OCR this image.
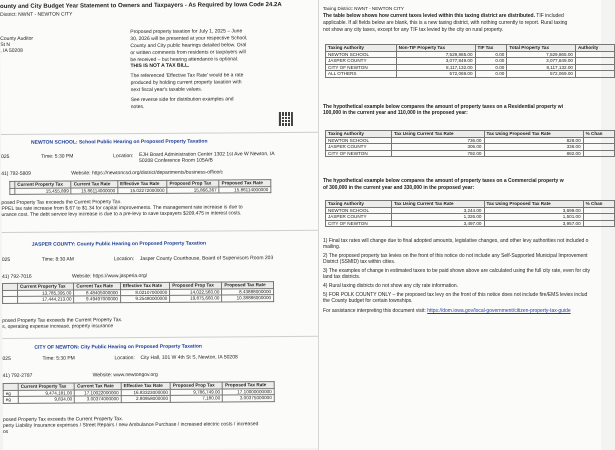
ounty and City Budget Year Statement to Owners and Taxpayers - As Required by Iowa Code 24.2A
District: NWNT - NEWTON CITY
County Auditor
St N
, IA 50208
Proposed property taxation for July 1, 2025 – June
30, 2026 will be presented at your respective School,
County and City public hearings detailed below. Oral
or written comments from residents or taxpayers will
be received – but hearing attendance is optional.
THIS IS NOT A TAX BILL.
The referenced 'Effective Tax Rate' would be a rate
produced by holding current property taxation with
next fiscal year's taxable values.
See reverse side for distribution examples and
notes.
NEWTON SCHOOL: School Public Hearing on Proposed Property Taxation
025	Time: 5:30 PM	Location: EJH Board Administration Center 1302 1st Ave W Newton, IA
50208 Conference Room 105A/B
41) 792-5809	Website: https://newtoncsd.org/district/departments/business-office/c
	Current Property Tax	Current Tax Rate	Effective Tax Rate	Proposed Prop Tax	Proposed Tax Rate
	15,455,899	15.86114000000	15.02272000000	15,866,367	15.86114000000
posed Property Tax exceeds the Current Property Tax.
PPEL tax rate increase from $.67 to $1.34 for capital improvements. The management rate increase is due to
urance cost. The debt service levy increase is due to a pre-levy to save taxpayers $209,475 in interest costs.
JASPER COUNTY: County Public Hearing on Proposed Property Taxation
025	Time: 8:30 AM	Location: Jasper County Courthouse, Board of Supervisors Room 203
41) 792-7016	Website: https://www.jasperia.org/
	Current Property Tax	Current Tax Rate	Effective Tax Rate	Proposed Prop Tax	Proposed Tax Rate
	13,785,395.00	8.48405000000	8.02107000000	14,022,560.00	8.43888000000
	17,444,213.00	9.49497000000	9.25480000000	19,875,660.00	10.38886000000
posed Property Tax exceeds the Current Property Tax.
s, operating expense increase, property insurance
CITY OF NEWTON: City Public Hearing on Proposed Property Taxation
025	Time: 5:30 PM	Location: City Hall, 101 W 4th St S, Newton, IA 50208
41) 792-2787	Website: www.newtongov.org
	Current Property Tax	Current Tax Rate	Effective Tax Rate	Proposed Prop Tax	Proposed Tax Rate
eg	9,474,181.00	17.10022000000	16.83323000000	9,786,749.00	17.10000000000
eg	9,834.00	3.00374000000	2.80958000000	7,180.00	3.00375000000
posed Property Tax exceeds the Current Property Tax.
perty Liability Insurance expenses / Street Repairs / new Ambulance Purchase / increased electric costs / increased
os
Taxing District: NWNT - NEWTON CITY
The table below shows how current taxes levied within this taxing district are distributed. TIF included
applicable. If all fields below are blank, this is a new taxing district, with nothing currently to report. Rural taxing
not show any city taxes, except for any TIF tax levied by the city on rural property.
Taxing Authority	Non-TIF Property Tax	TIF Tax	Total Property Tax	Authority
NEWTON SCHOOL	7,529,865.00	0.00	7,529,865.00	
JASPER COUNTY	3,077,849.00	0.00	3,077,849.00	
CITY OF NEWTON	8,117,132.00	0.00	8,117,132.00	
ALL OTHERS	572,069.00	0.00	572,069.00	
The hypothetical example below compares the amount of property taxes on a Residential property wi
100,000 in the current year and 110,000 in the proposed year:
Taxing Authority	Tax Using Current Tax Rate	Tax Using Proposed Tax Rate	% Chan
NEWTON SCHOOL	736.00	828.00	
JASPER COUNTY	306.00	336.00	
CITY OF NEWTON	792.00	882.00	
The hypothetical example below compares the amount of property taxes on a Commercial property w
of 300,000 in the current year and 330,000 in the proposed year:
Taxing Authority	Tax Using Current Tax Rate	Tax Using Proposed Tax Rate	% Chan
NEWTON SCHOOL	3,244.00	3,699.00	
JASPER COUNTY	1,326.00	1,501.00	
CITY OF NEWTON	3,497.00	3,957.00	
1) Final tax rates will change due to final adopted amounts, legislative changes, and other levy authorities not included o
mailing.
2) The proposed property tax levies on the front of this notice do not include any Self-Supported Municipal Improvement
District (SSMID) tax within cities.
3) The examples of change in estimated taxes to be paid shown above are calculated using the full city rate, even for city
land tax districts.
4) Rural taxing districts do not show any city rate information.
5) FOR POLK COUNTY ONLY – the proposed tax levy on the front of this notice does not include fire/EMS levies includ
the County budget for certain townships.
For assistance interpreting this document visit: https://dom.iowa.gov/local-government/citizen-property-tax-guide
